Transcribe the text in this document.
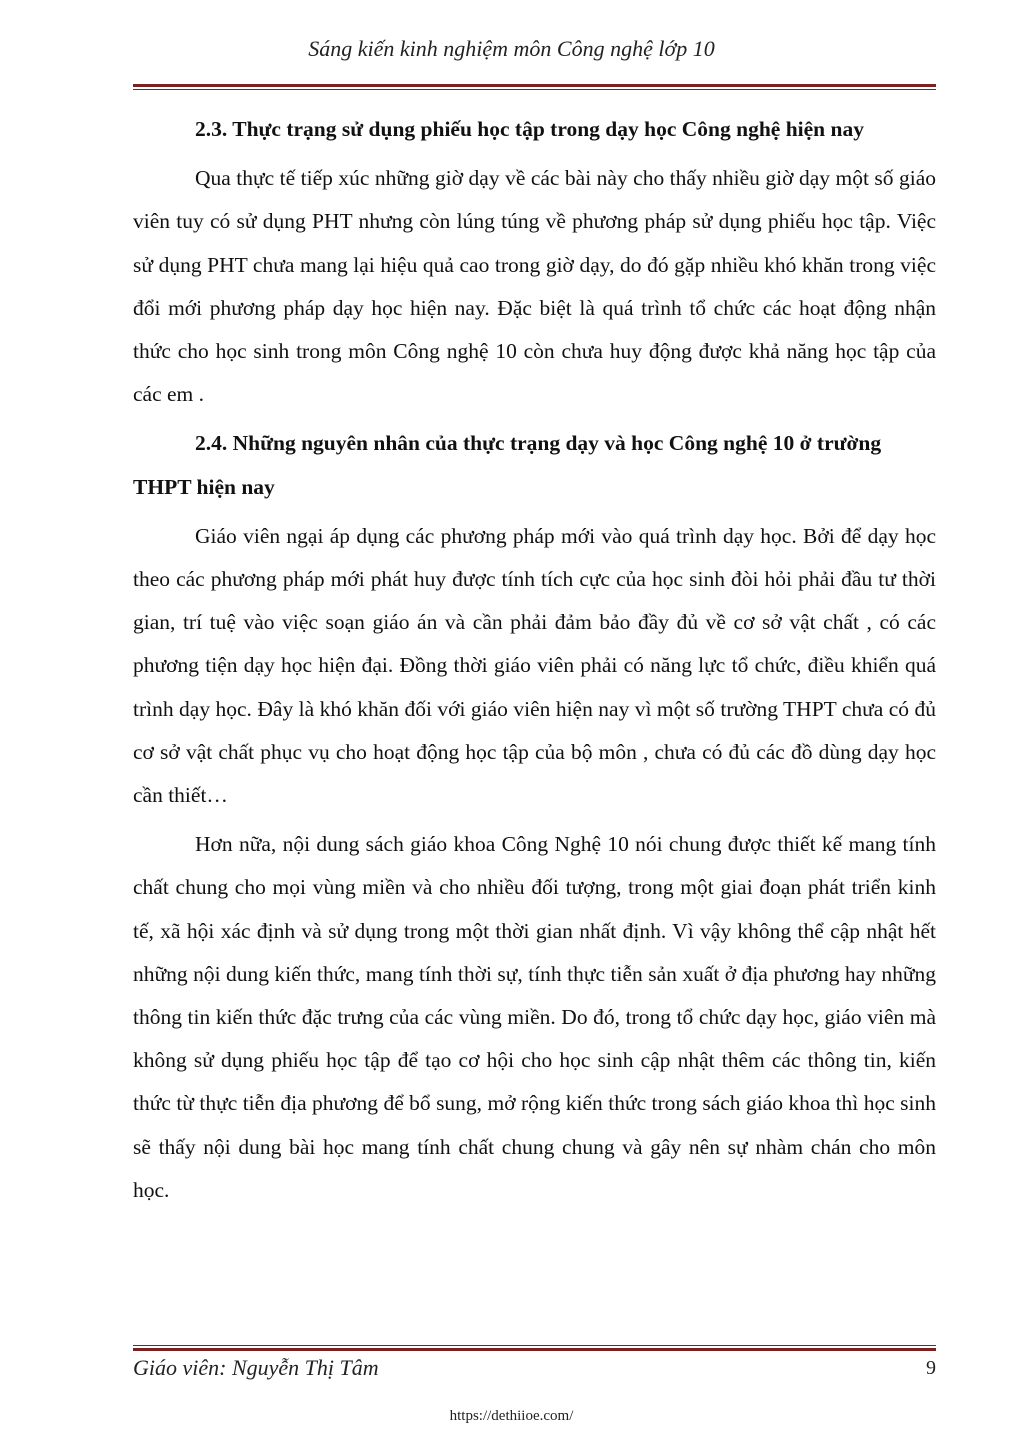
Sáng kiến kinh nghiệm môn Công nghệ lớp 10
2.3. Thực trạng sử dụng phiếu học tập trong dạy học Công nghệ hiện nay

Qua thực tế tiếp xúc những giờ dạy về các bài này cho thấy nhiều giờ dạy một số giáo viên tuy có sử dụng PHT nhưng còn lúng túng về phương pháp sử dụng phiếu học tập. Việc sử dụng PHT chưa mang lại hiệu quả cao trong giờ dạy, do đó gặp nhiều khó khăn trong việc đổi mới phương pháp dạy học hiện nay. Đặc biệt là quá trình tổ chức các hoạt động nhận thức cho học sinh trong môn Công nghệ 10 còn chưa huy động được khả năng học tập của các em .

2.4. Những nguyên nhân của thực trạng dạy và học Công nghệ 10 ở trường THPT hiện nay

Giáo viên ngại áp dụng các phương pháp mới vào quá trình dạy học. Bởi để dạy học theo các phương pháp mới phát huy được tính tích cực của học sinh đòi hỏi phải đầu tư thời gian, trí tuệ vào việc soạn giáo án và cần phải đảm bảo đầy đủ về cơ sở vật chất , có các phương tiện dạy học hiện đại. Đồng thời giáo viên phải có năng lực tổ chức, điều khiển quá trình dạy học. Đây là khó khăn đối với giáo viên hiện nay vì một số trường THPT chưa có đủ cơ sở vật chất phục vụ cho hoạt động học tập của bộ môn , chưa có đủ các đồ dùng dạy học cần thiết…

Hơn nữa, nội dung sách giáo khoa Công Nghệ 10 nói chung được thiết kế mang tính chất chung cho mọi vùng miền và cho nhiều đối tượng, trong một giai đoạn phát triển kinh tế, xã hội xác định và sử dụng trong một thời gian nhất định. Vì vậy không thể cập nhật hết những nội dung kiến thức, mang tính thời sự, tính thực tiễn sản xuất ở địa phương hay những thông tin kiến thức đặc trưng của các vùng miền. Do đó, trong tổ chức dạy học, giáo viên mà không sử dụng phiếu học tập để tạo cơ hội cho học sinh cập nhật thêm các thông tin, kiến thức từ thực tiễn địa phương để bổ sung, mở rộng kiến thức trong sách giáo khoa thì học sinh sẽ thấy nội dung bài học mang tính chất chung chung và gây nên sự nhàm chán cho môn học.

Giáo viên: Nguyễn Thị Tâm	9
https://dethiioe.com/
